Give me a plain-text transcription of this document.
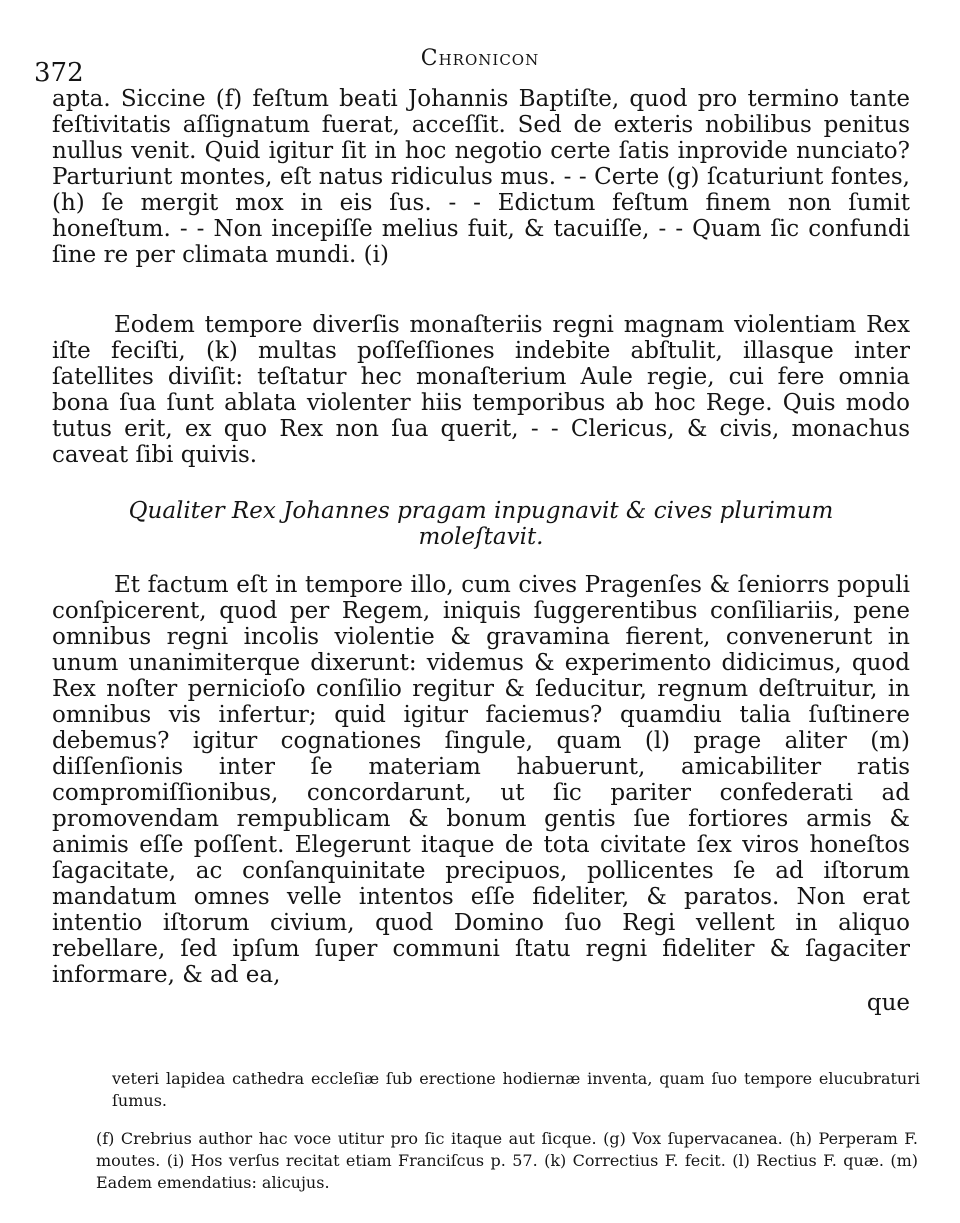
372	Chronicon

apta. Siccine (f) feſtum beati Johannis Baptiſte, quod pro termino tante feſtivitatis aſſignatum fuerat, acceſſit. Sed de exteris nobilibus penitus nullus venit. Quid igitur ſit in hoc negotio certe ſatis inprovide nunciato? Parturiunt montes, eſt natus ridiculus mus. - - Certe (g) ſcaturiunt fontes, (h) ſe mergit mox in eis ſus. - - Edictum feſtum finem non ſumit honeſtum. - - Non incepiſſe melius fuit, & tacuiſſe, - - Quam ſic confundi ſine re per climata mundi. (i)

Eodem tempore diverſis monaſteriis regni magnam violentiam Rex iſte feciſti, (k) multas poſſeſſiones indebite abſtulit, illasque inter ſatellites diviſit: teſtatur hec monaſterium Aule regie, cui fere omnia bona ſua ſunt ablata violenter hiis temporibus ab hoc Rege. Quis modo tutus erit, ex quo Rex non ſua querit, - - Clericus, & civis, monachus caveat ſibi quivis.

Qualiter Rex Johannes pragam inpugnavit & cives plurimum moleſtavit.

Et factum eſt in tempore illo, cum cives Pragenſes & ſeniorrs populi conſpicerent, quod per Regem, iniquis ſuggerentibus conſiliariis, pene omnibus regni incolis violentie & gravamina fierent, convenerunt in unum unanimiterque dixerunt: videmus & experimento didicimus, quod Rex noſter pernicioſo conſilio regitur & ſeducitur, regnum deſtruitur, in omnibus vis infertur; quid igitur faciemus? quamdiu talia ſuſtinere debemus? igitur cognationes ſingule, quam (l) prage aliter (m) diſſenſionis inter ſe materiam habuerunt, amicabiliter ratis compromiſſionibus, concordarunt, ut ſic pariter confederati ad promovendam rempublicam & bonum gentis ſue fortiores armis & animis eſſe poſſent. Elegerunt itaque de tota civitate ſex viros honeſtos ſagacitate, ac conſanquinitate precipuos, pollicentes ſe ad iſtorum mandatum omnes velle intentos eſſe fideliter, & paratos. Non erat intentio iſtorum civium, quod Domino ſuo Regi vellent in aliquo rebellare, ſed ipſum ſuper communi ſtatu regni fideliter & ſagaciter informare, & ad ea,

que

veteri lapidea cathedra eccleſiæ ſub erectione hodiernæ inventa, quam ſuo tempore elucubraturi ſumus.

(f) Crebrius author hac voce utitur pro ſic itaque aut ſicque. (g) Vox ſupervacanea. (h) Perperam F. moutes. (i) Hos verſus recitat etiam Franciſcus p. 57. (k) Correctius F. fecit. (l) Rectius F. quæ. (m) Eadem emendatius: alicujus.
